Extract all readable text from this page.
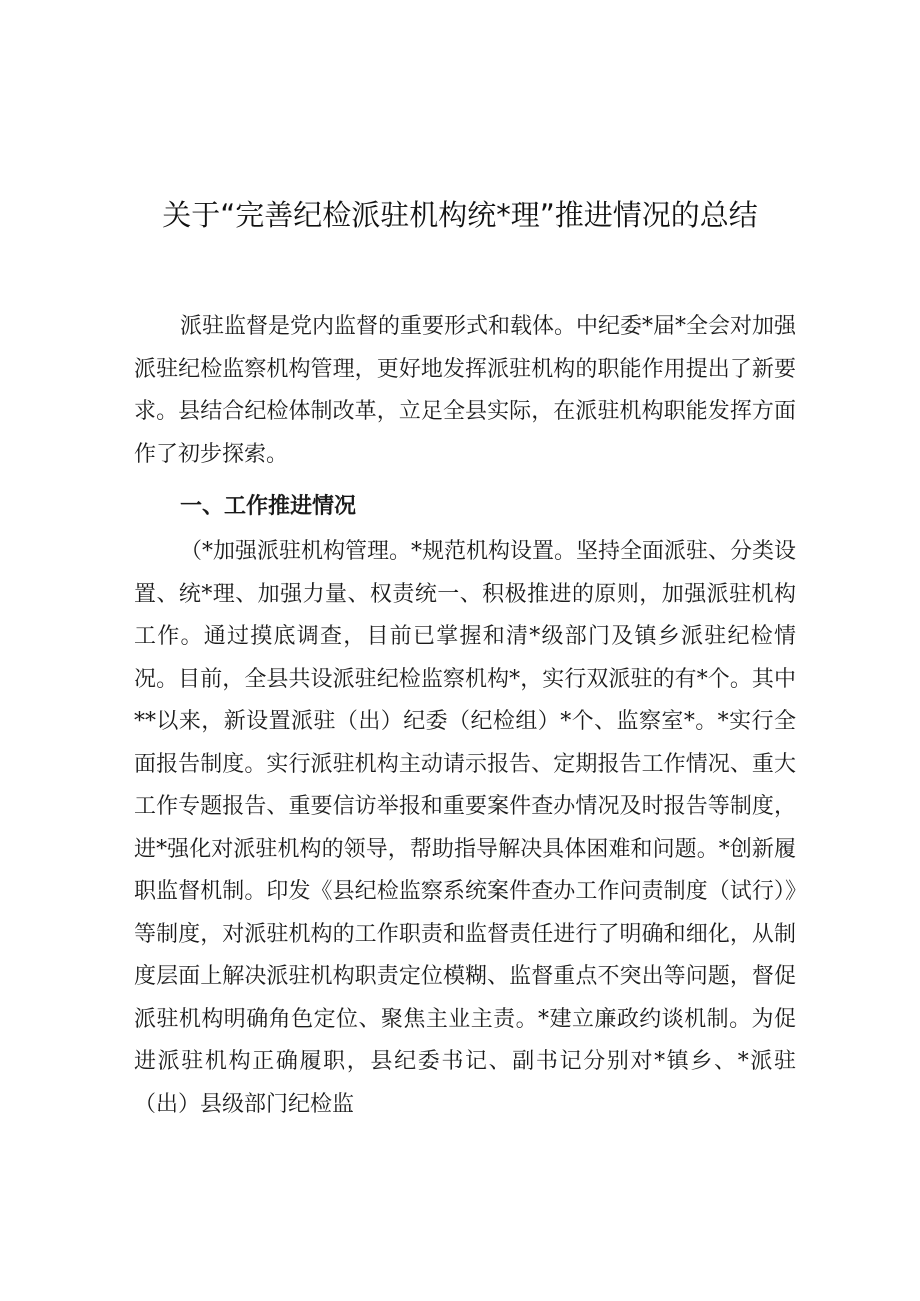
关于“完善纪检派驻机构统*理”推进情况的总结

派驻监督是党内监督的重要形式和载体。中纪委*届*全会对加强派驻纪检监察机构管理，更好地发挥派驻机构的职能作用提出了新要求。县结合纪检体制改革，立足全县实际，在派驻机构职能发挥方面作了初步探索。

一、工作推进情况

（*加强派驻机构管理。*规范机构设置。坚持全面派驻、分类设置、统*理、加强力量、权责统一、积极推进的原则，加强派驻机构工作。通过摸底调查，目前已掌握和清*级部门及镇乡派驻纪检情况。目前，全县共设派驻纪检监察机构*，实行双派驻的有*个。其中**以来，新设置派驻（出）纪委（纪检组）*个、监察室*。*实行全面报告制度。实行派驻机构主动请示报告、定期报告工作情况、重大工作专题报告、重要信访举报和重要案件查办情况及时报告等制度，进*强化对派驻机构的领导，帮助指导解决具体困难和问题。*创新履职监督机制。印发《县纪检监察系统案件查办工作问责制度（试行）》等制度，对派驻机构的工作职责和监督责任进行了明确和细化，从制度层面上解决派驻机构职责定位模糊、监督重点不突出等问题，督促派驻机构明确角色定位、聚焦主业主责。*建立廉政约谈机制。为促进派驻机构正确履职，县纪委书记、副书记分别对*镇乡、*派驻（出）县级部门纪检监
